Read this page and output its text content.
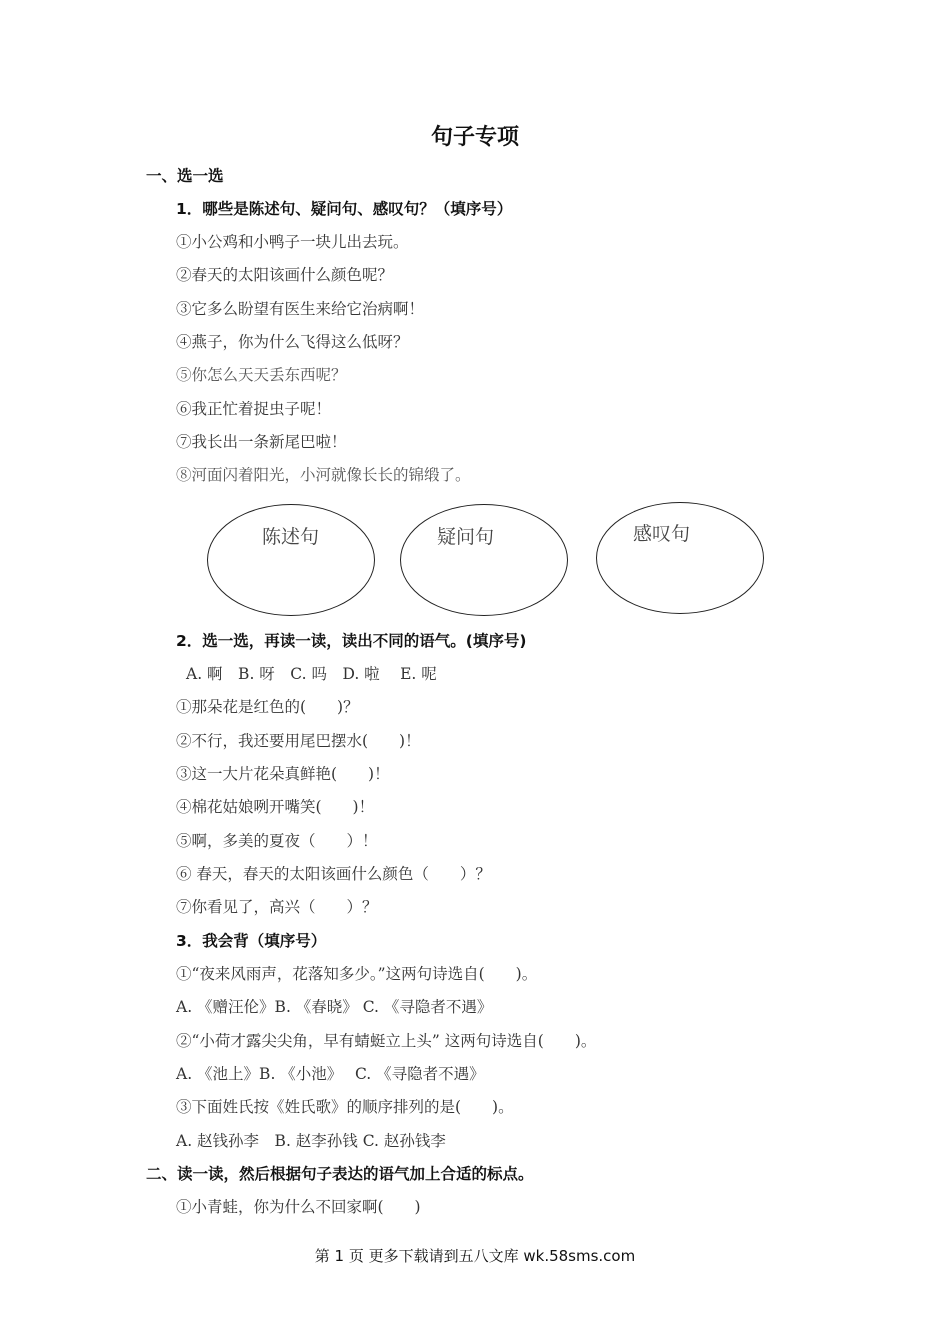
句子专项
一、选一选
1．哪些是陈述句、疑问句、感叹句？（填序号）
①小公鸡和小鸭子一块儿出去玩。
②春天的太阳该画什么颜色呢？
③它多么盼望有医生来给它治病啊！
④燕子，你为什么飞得这么低呀？
⑤你怎么天天丢东西呢？
⑥我正忙着捉虫子呢！
⑦我长出一条新尾巴啦！
⑧河面闪着阳光，小河就像长长的锦缎了。
陈述句	疑问句	感叹句
2．选一选，再读一读，读出不同的语气。(填序号)
A. 啊　B. 呀　C. 吗　D. 啦　 E. 呢
①那朵花是红色的(　　)？
②不行，我还要用尾巴摆水(　　)！
③这一大片花朵真鲜艳(　　)！
④棉花姑娘咧开嘴笑(　　)！
⑤啊，多美的夏夜（　　）！
⑥ 春天，春天的太阳该画什么颜色（　　）？
⑦你看见了，高兴（　　）？
3．我会背（填序号）
①“夜来风雨声，花落知多少。”这两句诗选自(　　)。
A. 《赠汪伦》B. 《春晓》 C. 《寻隐者不遇》
②“小荷才露尖尖角，早有蜻蜓立上头” 这两句诗选自(　　)。
A. 《池上》B. 《小池》　 C. 《寻隐者不遇》
③下面姓氏按《姓氏歌》的顺序排列的是(　　)。
A. 赵钱孙李　B. 赵李孙钱 C. 赵孙钱李
二、读一读，然后根据句子表达的语气加上合适的标点。
①小青蛙，你为什么不回家啊(　　)
第 1 页 更多下载请到五八文库 wk.58sms.com
